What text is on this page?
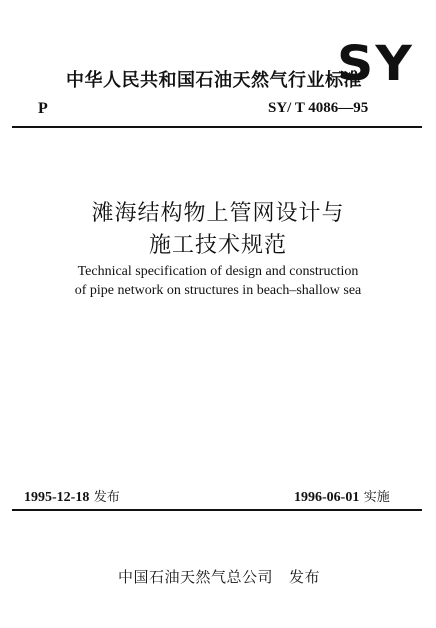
中华人民共和国石油天然气行业标准
SY
P	SY/ T 4086—95
滩海结构物上管网设计与
施工技术规范
Technical specification of design and construction
of pipe network on structures in beach–shallow sea
1995-12-18 发布	1996-06-01 实施
中国石油天然气总公司 发布
